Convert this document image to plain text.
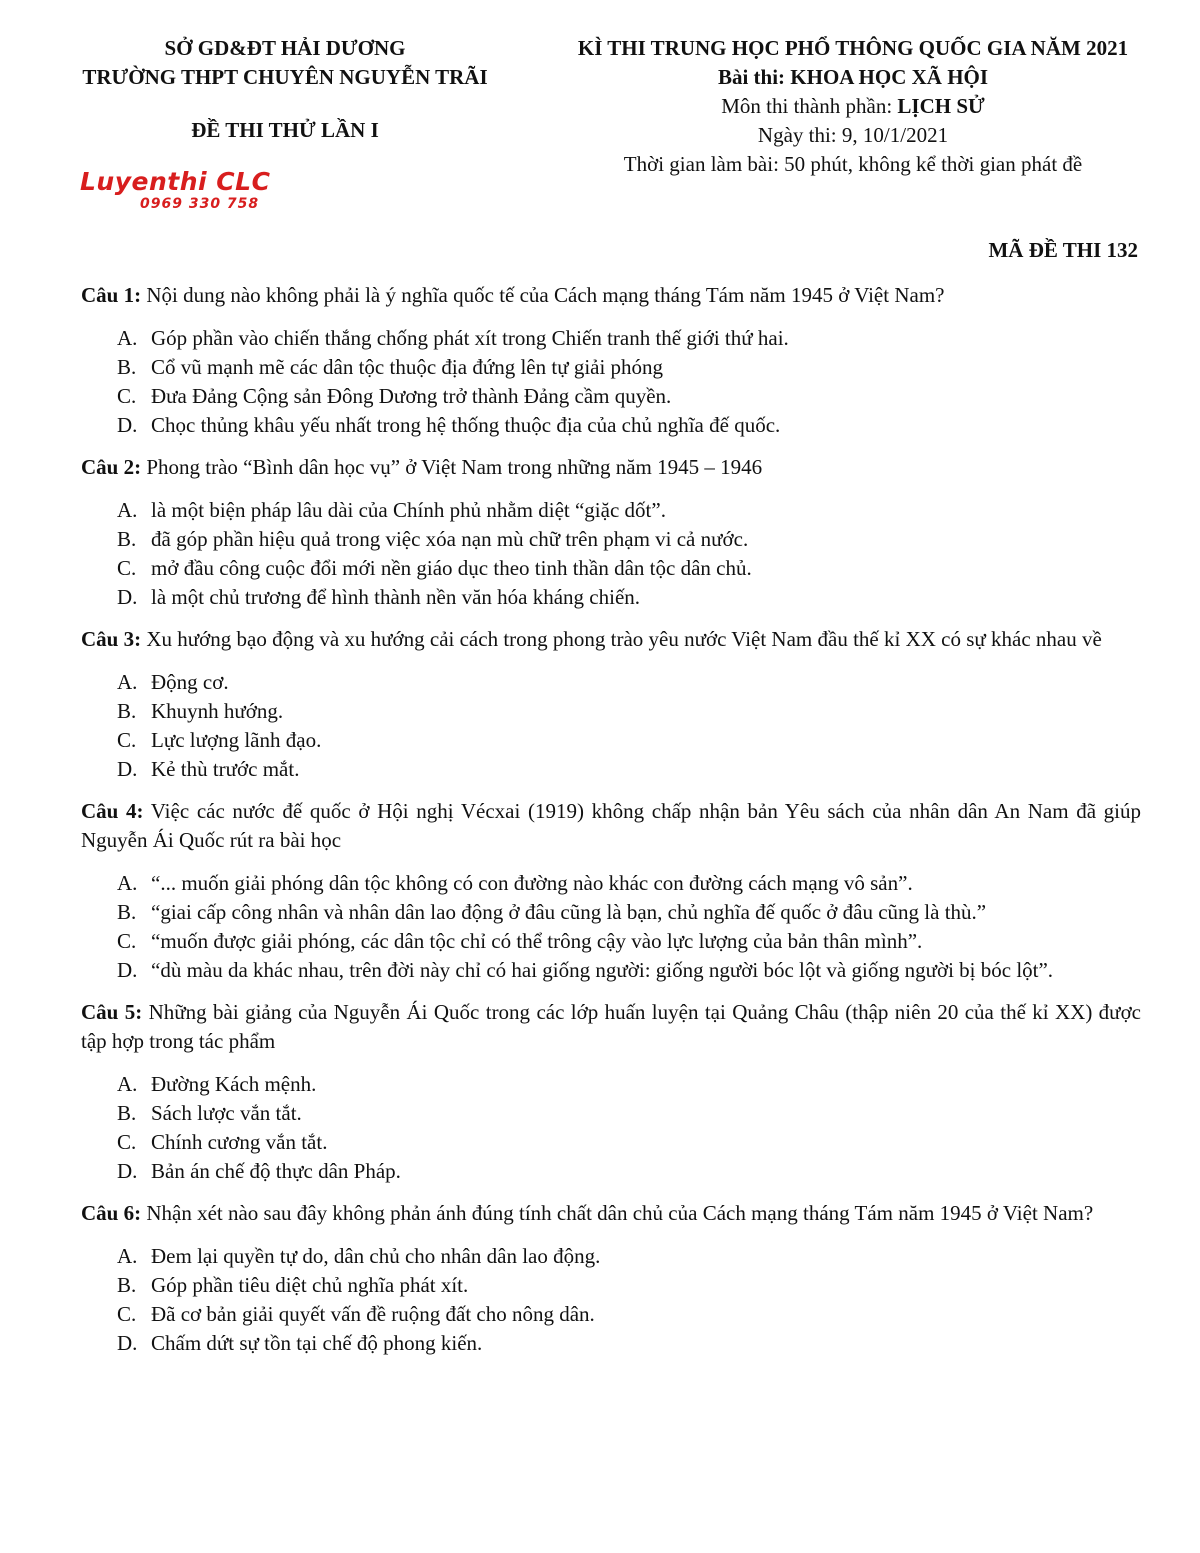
SỞ GD&ĐT HẢI DƯƠNG
TRƯỜNG THPT CHUYÊN NGUYỄN TRÃI
ĐỀ THI THỬ LẦN I
KÌ THI TRUNG HỌC PHỔ THÔNG QUỐC GIA NĂM 2021
Bài thi: KHOA HỌC XÃ HỘI
Môn thi thành phần: LỊCH SỬ
Ngày thi: 9, 10/1/2021
Thời gian làm bài: 50 phút, không kể thời gian phát đề
Luyenthi CLC
0969 330 758
MÃ ĐỀ THI 132
Câu 1: Nội dung nào không phải là ý nghĩa quốc tế của Cách mạng tháng Tám năm 1945 ở Việt Nam?
A. Góp phần vào chiến thắng chống phát xít trong Chiến tranh thế giới thứ hai.
B. Cổ vũ mạnh mẽ các dân tộc thuộc địa đứng lên tự giải phóng
C. Đưa Đảng Cộng sản Đông Dương trở thành Đảng cầm quyền.
D. Chọc thủng khâu yếu nhất trong hệ thống thuộc địa của chủ nghĩa đế quốc.
Câu 2: Phong trào “Bình dân học vụ” ở Việt Nam trong những năm 1945 – 1946
A. là một biện pháp lâu dài của Chính phủ nhằm diệt “giặc dốt”.
B. đã góp phần hiệu quả trong việc xóa nạn mù chữ trên phạm vi cả nước.
C. mở đầu công cuộc đổi mới nền giáo dục theo tinh thần dân tộc dân chủ.
D. là một chủ trương để hình thành nền văn hóa kháng chiến.
Câu 3: Xu hướng bạo động và xu hướng cải cách trong phong trào yêu nước Việt Nam đầu thế kỉ XX có sự khác nhau về
A. Động cơ.
B. Khuynh hướng.
C. Lực lượng lãnh đạo.
D. Kẻ thù trước mắt.
Câu 4: Việc các nước đế quốc ở Hội nghị Vécxai (1919) không chấp nhận bản Yêu sách của nhân dân An Nam đã giúp Nguyễn Ái Quốc rút ra bài học
A. “... muốn giải phóng dân tộc không có con đường nào khác con đường cách mạng vô sản”.
B. “giai cấp công nhân và nhân dân lao động ở đâu cũng là bạn, chủ nghĩa đế quốc ở đâu cũng là thù.”
C. “muốn được giải phóng, các dân tộc chỉ có thể trông cậy vào lực lượng của bản thân mình”.
D. “dù màu da khác nhau, trên đời này chỉ có hai giống người: giống người bóc lột và giống người bị bóc lột”.
Câu 5: Những bài giảng của Nguyễn Ái Quốc trong các lớp huấn luyện tại Quảng Châu (thập niên 20 của thế kỉ XX) được tập hợp trong tác phẩm
A. Đường Kách mệnh.
B. Sách lược vắn tắt.
C. Chính cương vắn tắt.
D. Bản án chế độ thực dân Pháp.
Câu 6: Nhận xét nào sau đây không phản ánh đúng tính chất dân chủ của Cách mạng tháng Tám năm 1945 ở Việt Nam?
A. Đem lại quyền tự do, dân chủ cho nhân dân lao động.
B. Góp phần tiêu diệt chủ nghĩa phát xít.
C. Đã cơ bản giải quyết vấn đề ruộng đất cho nông dân.
D. Chấm dứt sự tồn tại chế độ phong kiến.
